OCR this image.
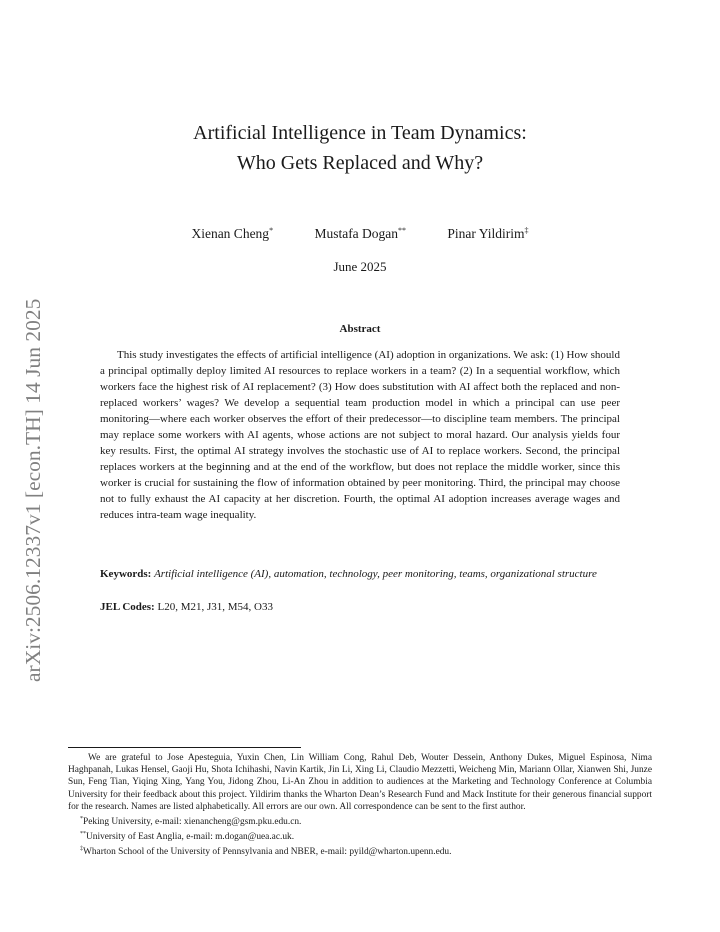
arXiv:2506.12337v1 [econ.TH] 14 Jun 2025
Artificial Intelligence in Team Dynamics:
Who Gets Replaced and Why?
Xienan Cheng*	Mustafa Dogan**	Pinar Yildirim‡
June 2025
Abstract

This study investigates the effects of artificial intelligence (AI) adoption in organizations. We ask: (1) How should a principal optimally deploy limited AI resources to replace workers in a team? (2) In a sequential workflow, which workers face the highest risk of AI replacement? (3) How does substitution with AI affect both the replaced and non-replaced workers’ wages? We develop a sequential team production model in which a principal can use peer monitoring—where each worker observes the effort of their predecessor—to discipline team members. The principal may replace some workers with AI agents, whose actions are not subject to moral hazard. Our analysis yields four key results. First, the optimal AI strategy involves the stochastic use of AI to replace workers. Second, the principal replaces workers at the beginning and at the end of the workflow, but does not replace the middle worker, since this worker is crucial for sustaining the flow of information obtained by peer monitoring. Third, the principal may choose not to fully exhaust the AI capacity at her discretion. Fourth, the optimal AI adoption increases average wages and reduces intra-team wage inequality.

Keywords: Artificial intelligence (AI), automation, technology, peer monitoring, teams, organizational structure
JEL Codes: L20, M21, J31, M54, O33

We are grateful to Jose Apesteguia, Yuxin Chen, Lin William Cong, Rahul Deb, Wouter Dessein, Anthony Dukes, Miguel Espinosa, Nima Haghpanah, Lukas Hensel, Gaoji Hu, Shota Ichihashi, Navin Kartik, Jin Li, Xing Li, Claudio Mezzetti, Weicheng Min, Mariann Ollar, Xianwen Shi, Junze Sun, Feng Tian, Yiqing Xing, Yang You, Jidong Zhou, Li-An Zhou in addition to audiences at the Marketing and Technology Conference at Columbia University for their feedback about this project. Yildirim thanks the Wharton Dean’s Research Fund and Mack Institute for their generous financial support for the research. Names are listed alphabetically. All errors are our own. All correspondence can be sent to the first author.

*Peking University, e-mail: xienancheng@gsm.pku.edu.cn.

**University of East Anglia, e-mail: m.dogan@uea.ac.uk.

‡Wharton School of the University of Pennsylvania and NBER, e-mail: pyild@wharton.upenn.edu.
